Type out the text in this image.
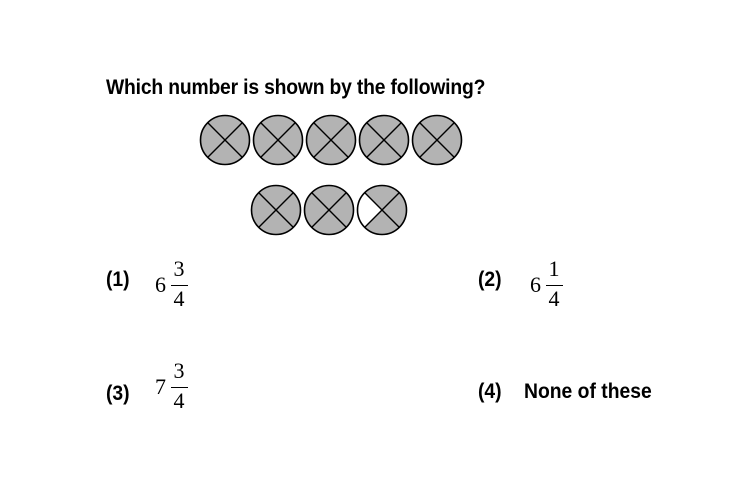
Which number is shown by the following?
(1) 6
3
4
(2) 6
1
4
(3) 7
3
4	(4) None of these
